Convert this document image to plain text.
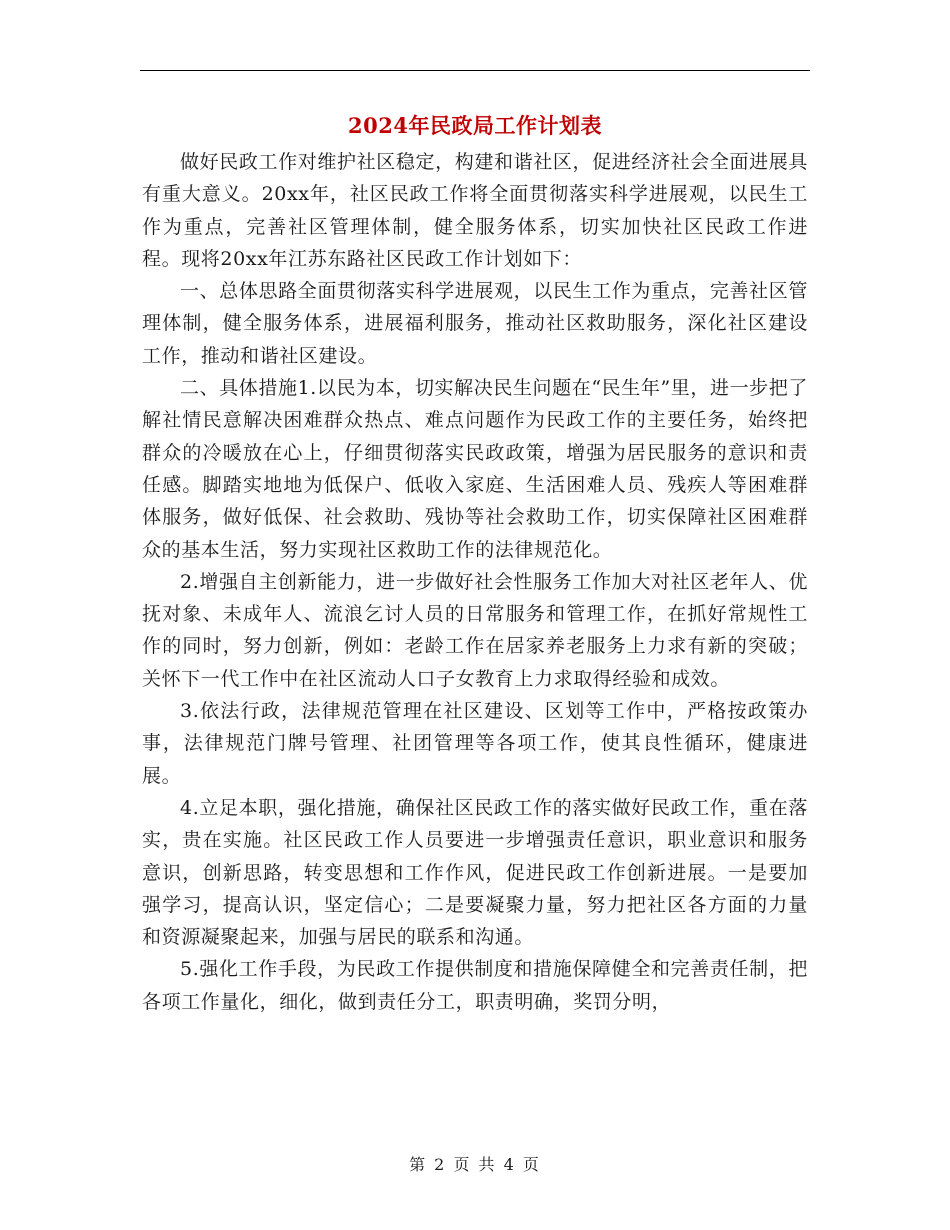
2024年民政局工作计划表

做好民政工作对维护社区稳定，构建和谐社区，促进经济社会全面进展具有重大意义。20xx年，社区民政工作将全面贯彻落实科学进展观，以民生工作为重点，完善社区管理体制，健全服务体系，切实加快社区民政工作进程。现将20xx年江苏东路社区民政工作计划如下：

一、总体思路全面贯彻落实科学进展观，以民生工作为重点，完善社区管理体制，健全服务体系，进展福利服务，推动社区救助服务，深化社区建设工作，推动和谐社区建设。

二、具体措施1.以民为本，切实解决民生问题在“民生年”里，进一步把了解社情民意解决困难群众热点、难点问题作为民政工作的主要任务，始终把群众的冷暖放在心上，仔细贯彻落实民政政策，增强为居民服务的意识和责任感。脚踏实地地为低保户、低收入家庭、生活困难人员、残疾人等困难群体服务，做好低保、社会救助、残协等社会救助工作，切实保障社区困难群众的基本生活，努力实现社区救助工作的法律规范化。

2.增强自主创新能力，进一步做好社会性服务工作加大对社区老年人、优抚对象、未成年人、流浪乞讨人员的日常服务和管理工作，在抓好常规性工作的同时，努力创新，例如：老龄工作在居家养老服务上力求有新的突破；关怀下一代工作中在社区流动人口子女教育上力求取得经验和成效。

3.依法行政，法律规范管理在社区建设、区划等工作中，严格按政策办事，法律规范门牌号管理、社团管理等各项工作，使其良性循环，健康进展。

4.立足本职，强化措施，确保社区民政工作的落实做好民政工作，重在落实，贵在实施。社区民政工作人员要进一步增强责任意识，职业意识和服务意识，创新思路，转变思想和工作作风，促进民政工作创新进展。一是要加强学习，提高认识，坚定信心；二是要凝聚力量，努力把社区各方面的力量和资源凝聚起来，加强与居民的联系和沟通。

5.强化工作手段，为民政工作提供制度和措施保障健全和完善责任制，把各项工作量化，细化，做到责任分工，职责明确，奖罚分明，

第 2 页 共 4 页
